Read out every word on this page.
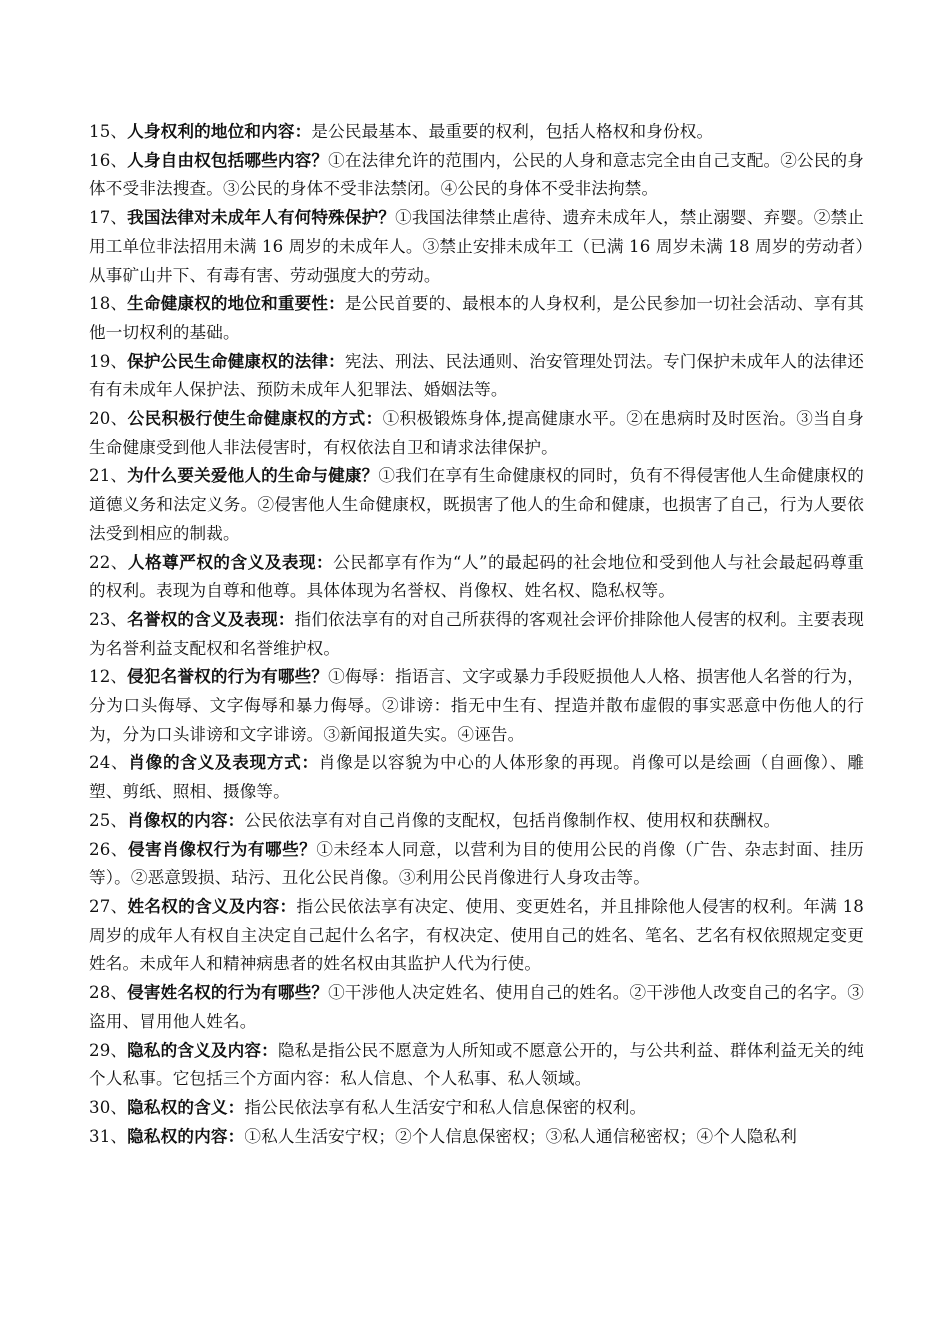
15、人身权利的地位和内容：是公民最基本、最重要的权利，包括人格权和身份权。

16、人身自由权包括哪些内容？①在法律允许的范围内，公民的人身和意志完全由自己支配。②公民的身体不受非法搜查。③公民的身体不受非法禁闭。④公民的身体不受非法拘禁。

17、我国法律对未成年人有何特殊保护？①我国法律禁止虐待、遗弃未成年人，禁止溺婴、弃婴。②禁止用工单位非法招用未满 16 周岁的未成年人。③禁止安排未成年工（已满 16 周岁未满 18 周岁的劳动者）从事矿山井下、有毒有害、劳动强度大的劳动。

18、生命健康权的地位和重要性：是公民首要的、最根本的人身权利，是公民参加一切社会活动、享有其他一切权利的基础。

19、保护公民生命健康权的法律：宪法、刑法、民法通则、治安管理处罚法。专门保护未成年人的法律还有有未成年人保护法、预防未成年人犯罪法、婚姻法等。

20、公民积极行使生命健康权的方式：①积极锻炼身体,提高健康水平。②在患病时及时医治。③当自身生命健康受到他人非法侵害时，有权依法自卫和请求法律保护。

21、为什么要关爱他人的生命与健康？①我们在享有生命健康权的同时，负有不得侵害他人生命健康权的道德义务和法定义务。②侵害他人生命健康权，既损害了他人的生命和健康，也损害了自己，行为人要依法受到相应的制裁。

22、人格尊严权的含义及表现：公民都享有作为“人”的最起码的社会地位和受到他人与社会最起码尊重的权利。表现为自尊和他尊。具体体现为名誉权、肖像权、姓名权、隐私权等。

23、名誉权的含义及表现：指们依法享有的对自己所获得的客观社会评价排除他人侵害的权利。主要表现为名誉利益支配权和名誉维护权。

12、侵犯名誉权的行为有哪些？①侮辱：指语言、文字或暴力手段贬损他人人格、损害他人名誉的行为，分为口头侮辱、文字侮辱和暴力侮辱。②诽谤：指无中生有、捏造并散布虚假的事实恶意中伤他人的行为，分为口头诽谤和文字诽谤。③新闻报道失实。④诬告。

24、肖像的含义及表现方式：肖像是以容貌为中心的人体形象的再现。肖像可以是绘画（自画像）、雕塑、剪纸、照相、摄像等。

25、肖像权的内容：公民依法享有对自己肖像的支配权，包括肖像制作权、使用权和获酬权。

26、侵害肖像权行为有哪些？①未经本人同意，以营利为目的使用公民的肖像（广告、杂志封面、挂历等）。②恶意毁损、玷污、丑化公民肖像。③利用公民肖像进行人身攻击等。

27、姓名权的含义及内容：指公民依法享有决定、使用、变更姓名，并且排除他人侵害的权利。年满 18 周岁的成年人有权自主决定自己起什么名字，有权决定、使用自己的姓名、笔名、艺名有权依照规定变更姓名。未成年人和精神病患者的姓名权由其监护人代为行使。

28、侵害姓名权的行为有哪些？①干涉他人决定姓名、使用自己的姓名。②干涉他人改变自己的名字。③盗用、冒用他人姓名。

29、隐私的含义及内容：隐私是指公民不愿意为人所知或不愿意公开的，与公共利益、群体利益无关的纯个人私事。它包括三个方面内容：私人信息、个人私事、私人领域。

30、隐私权的含义：指公民依法享有私人生活安宁和私人信息保密的权利。

31、隐私权的内容：①私人生活安宁权；②个人信息保密权；③私人通信秘密权；④个人隐私利
